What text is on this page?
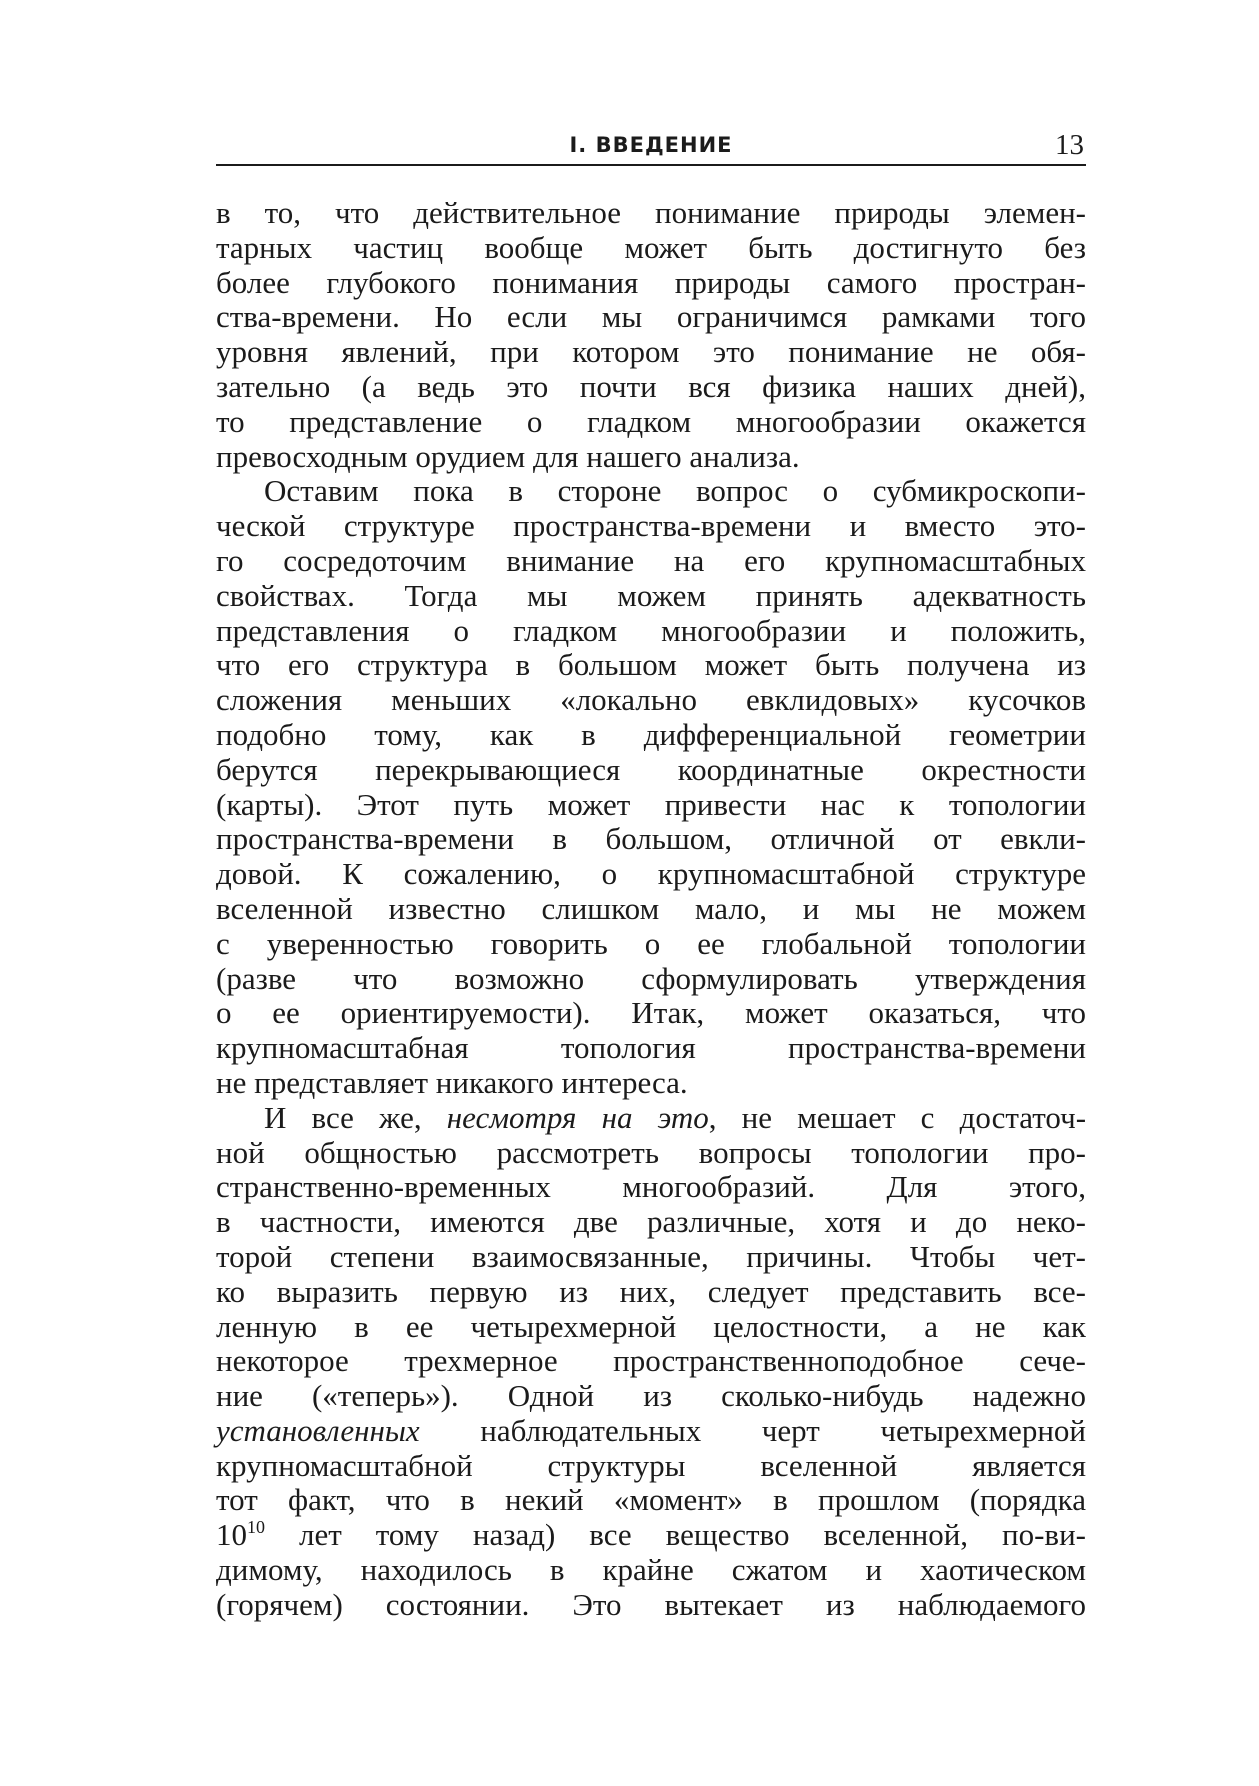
I. ВВЕДЕНИЕ	13
в то, что действительное понимание природы элемен-
тарных частиц вообще может быть достигнуто без
более глубокого понимания природы самого простран-
ства-времени. Но если мы ограничимся рамками того
уровня явлений, при котором это понимание не обя-
зательно (а ведь это почти вся физика наших дней),
то представление о гладком многообразии окажется
превосходным орудием для нашего анализа.
Оставим пока в стороне вопрос о субмикроскопи-
ческой структуре пространства-времени и вместо это-
го сосредоточим внимание на его крупномасштабных
свойствах. Тогда мы можем принять адекватность
представления о гладком многообразии и положить,
что его структура в большом может быть получена из
сложения меньших «локально евклидовых» кусочков
подобно тому, как в дифференциальной геометрии
берутся перекрывающиеся координатные окрестности
(карты). Этот путь может привести нас к топологии
пространства-времени в большом, отличной от евкли-
довой. К сожалению, о крупномасштабной структуре
вселенной известно слишком мало, и мы не можем
с уверенностью говорить о ее глобальной топологии
(разве что возможно сформулировать утверждения
о ее ориентируемости). Итак, может оказаться, что
крупномасштабная топология пространства-времени
не представляет никакого интереса.
И все же, несмотря на это, не мешает с достаточ-
ной общностью рассмотреть вопросы топологии про-
странственно-временных многообразий. Для этого,
в частности, имеются две различные, хотя и до неко-
торой степени взаимосвязанные, причины. Чтобы чет-
ко выразить первую из них, следует представить все-
ленную в ее четырехмерной целостности, а не как
некоторое трехмерное пространственноподобное сече-
ние («теперь»). Одной из сколько-нибудь надежно
установленных наблюдательных черт четырехмерной
крупномасштабной структуры вселенной является
тот факт, что в некий «момент» в прошлом (порядка
$10^{10}$ лет тому назад) все вещество вселенной, по-ви-
димому, находилось в крайне сжатом и хаотическом
(горячем) состоянии. Это вытекает из наблюдаемого
